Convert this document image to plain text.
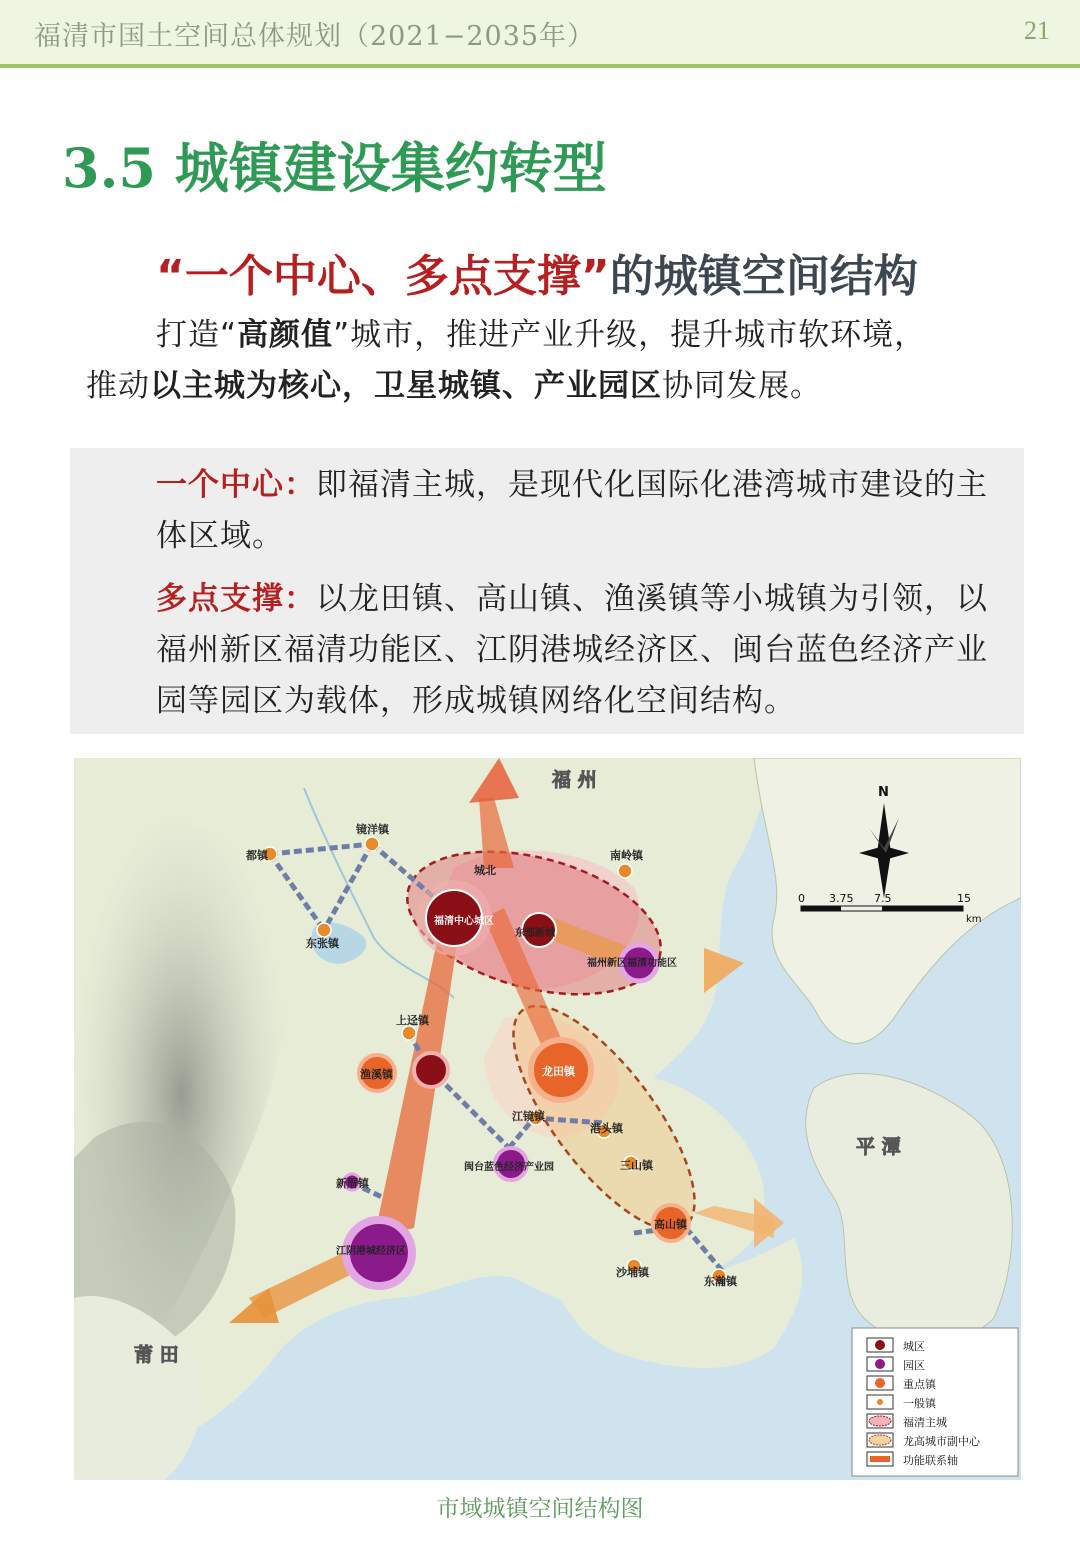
福清市国土空间总体规划（2021−2035年）	21
3.5 城镇建设集约转型
“一个中心、多点支撑”的城镇空间结构

打造“高颜值”城市，推进产业升级，提升城市软环境，

推动以主城为核心，卫星城镇、产业园区协同发展。

一个中心：即福清主城，是现代化国际化港湾城市建设的主体区域。

多点支撑：以龙田镇、高山镇、渔溪镇等小城镇为引领，以福州新区福清功能区、江阴港城经济区、闽台蓝色经济产业园等园区为载体，形成城镇网络化空间结构。

都镇
镜洋镇
东张镇
城北
福清中心城区
东部新城
南岭镇
福州新区福清功能区
上迳镇
渔溪镇	龙田镇
江镜镇
港头镇
闽台蓝色经济产业园	三山镇
新厝镇
高山镇
江阴港城经济区
沙埔镇
东瀚镇
福 州
平 潭
莆 田
N
0 3.75 7.5	15
km
城区
园区
重点镇
一般镇
福清主城
龙高城市副中心
功能联系轴
市域城镇空间结构图
